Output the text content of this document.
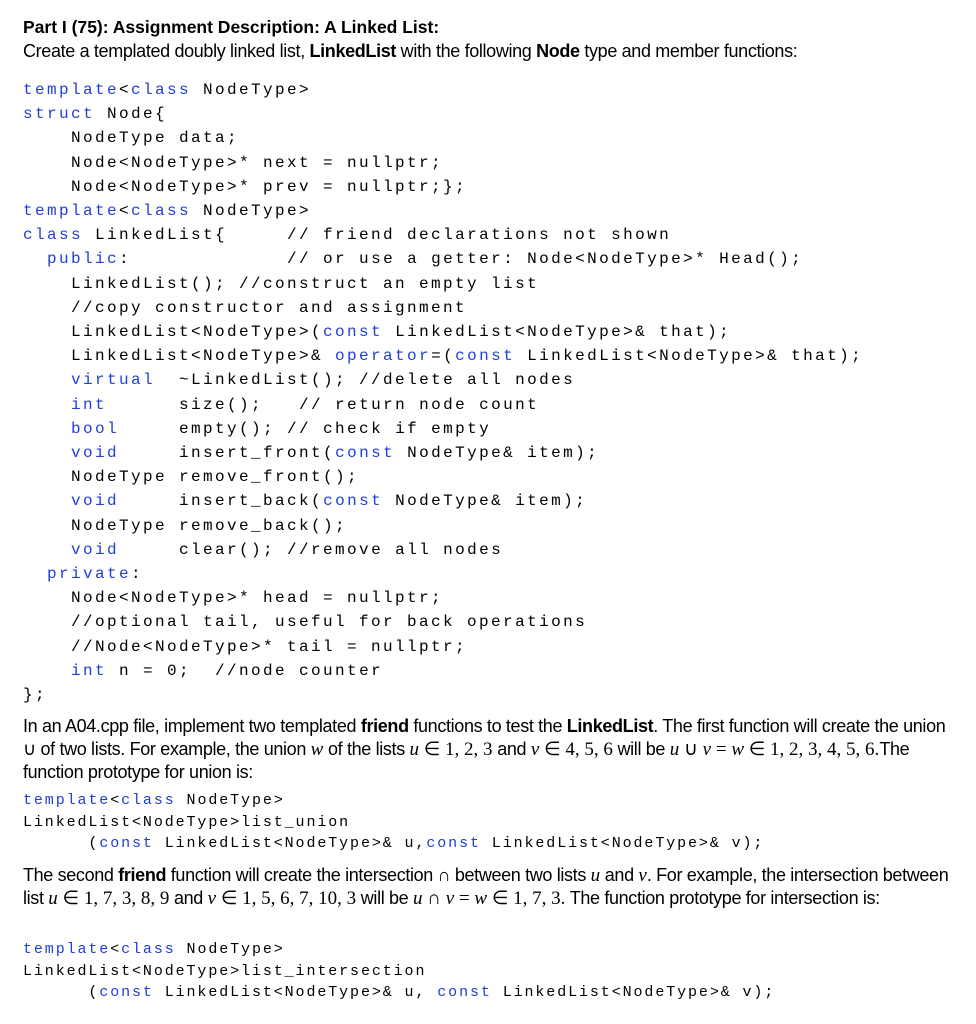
Part I (75): Assignment Description: A Linked List:
Create a templated doubly linked list, LinkedList with the following Node type and member functions:
template<class NodeType>
struct Node{
NodeType data;
Node<NodeType>* next = nullptr;
Node<NodeType>* prev = nullptr;};
template<class NodeType>
class LinkedList{     // friend declarations not shown
public:             // or use a getter: Node<NodeType>* Head();
LinkedList(); //construct an empty list
//copy constructor and assignment
LinkedList<NodeType>(const LinkedList<NodeType>& that);
LinkedList<NodeType>& operator=(const LinkedList<NodeType>& that);
virtual  ~LinkedList(); //delete all nodes
int      size();   // return node count
bool     empty(); // check if empty
void     insert_front(const NodeType& item);
NodeType remove_front();
void     insert_back(const NodeType& item);
NodeType remove_back();
void     clear(); //remove all nodes
private:
Node<NodeType>* head = nullptr;
//optional tail, useful for back operations
//Node<NodeType>* tail = nullptr;
int n = 0;  //node counter
};
In an A04.cpp file, implement two templated friend functions to test the LinkedList. The first function will create the union ∪ of two lists. For example, the union w of the lists u ∈ 1, 2, 3 and v ∈ 4, 5, 6 will be u ∪ v = w ∈ 1, 2, 3, 4, 5, 6.The function prototype for union is:
template<class NodeType>
LinkedList<NodeType>list_union
(const LinkedList<NodeType>& u,const LinkedList<NodeType>& v);
The second friend function will create the intersection ∩ between two lists u and v. For example, the intersection between list u ∈ 1, 7, 3, 8, 9 and v ∈ 1, 5, 6, 7, 10, 3 will be u ∩ v = w ∈ 1, 7, 3. The function prototype for intersection is:
template<class NodeType>
LinkedList<NodeType>list_intersection
(const LinkedList<NodeType>& u, const LinkedList<NodeType>& v);
